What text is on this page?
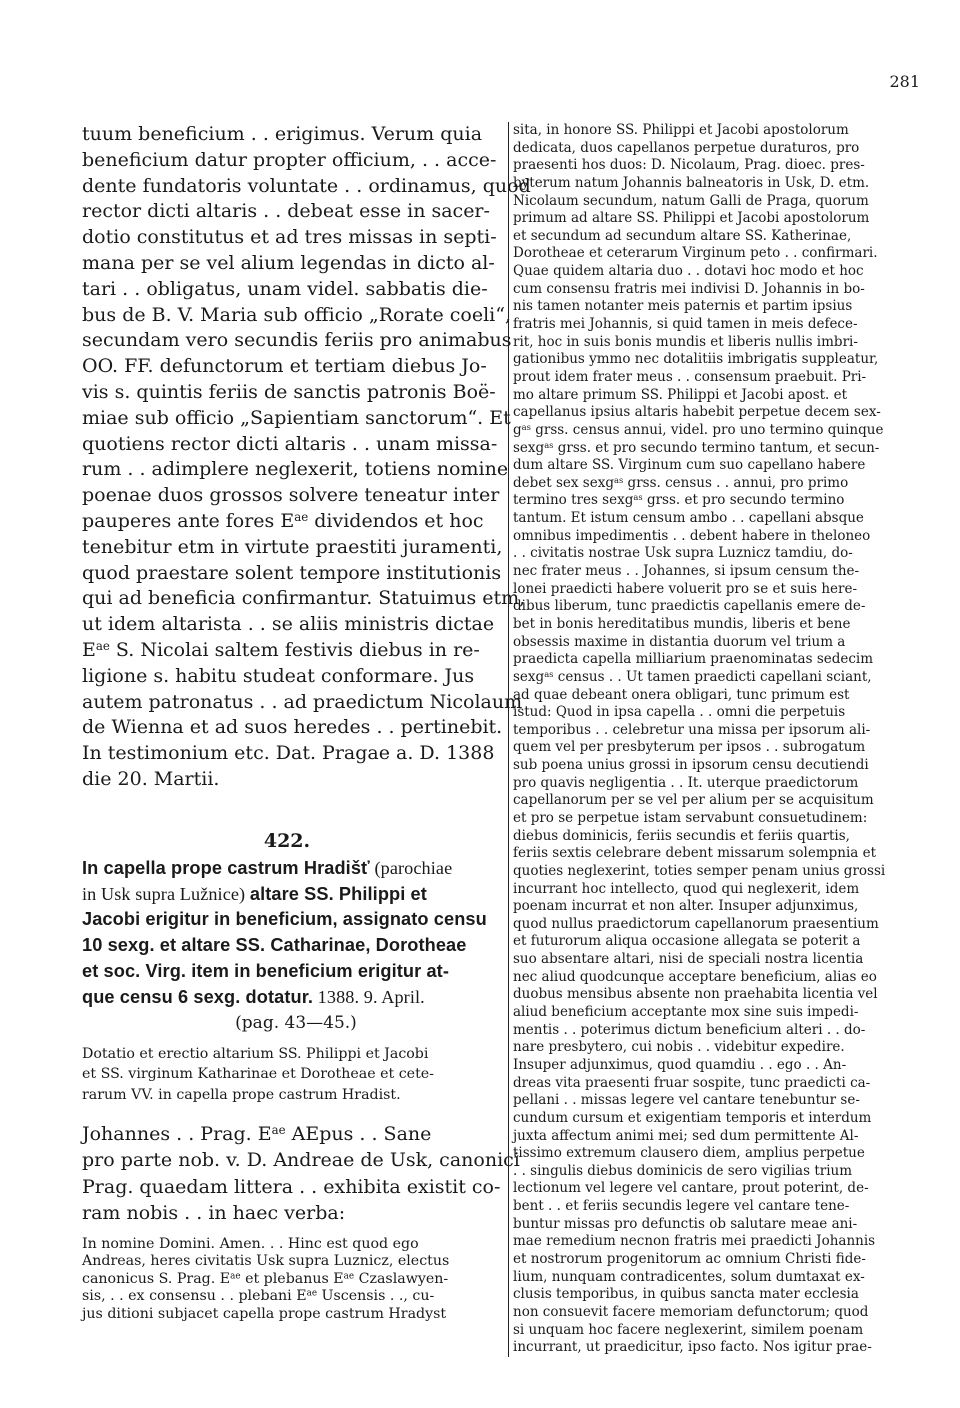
281
tuum beneficium . . erigimus. Verum quia
beneficium datur propter officium, . . acce-
dente fundatoris voluntate . . ordinamus, quod
rector dicti altaris . . debeat esse in sacer-
dotio constitutus et ad tres missas in septi-
mana per se vel alium legendas in dicto al-
tari . . obligatus, unam videl. sabbatis die-
bus de B. V. Maria sub officio „Rorate coeli“,
secundam vero secundis feriis pro animabus
OO. FF. defunctorum et tertiam diebus Jo-
vis s. quintis feriis de sanctis patronis Boë-
miae sub officio „Sapientiam sanctorum“. Et
quotiens rector dicti altaris . . unam missa-
rum . . adimplere neglexerit, totiens nomine
poenae duos grossos solvere teneatur inter
pauperes ante fores $E^{ae}$ dividendos et hoc
tenebitur etm in virtute praestiti juramenti,
quod praestare solent tempore institutionis
qui ad beneficia confirmantur. Statuimus etm,
ut idem altarista . . se aliis ministris dictae
$E^{ae}$ S. Nicolai saltem festivis diebus in re-
ligione s. habitu studeat conformare. Jus
autem patronatus . . ad praedictum Nicolaum
de Wienna et ad suos heredes . . pertinebit.
In testimonium etc. Dat. Pragae a. D. 1388
die 20. Martii.
422.
In capella prope castrum Hradišť (parochiae
in Usk supra Lužnice) altare SS. Philippi et
Jacobi erigitur in beneficium, assignato censu
10 sexg. et altare SS. Catharinae, Dorotheae
et soc. Virg. item in beneficium erigitur at-
que censu 6 sexg. dotatur. 1388. 9. April.
(pag. 43—45.)
Dotatio et erectio altarium SS. Philippi et Jacobi
et SS. virginum Katharinae et Dorotheae et cete-
rarum VV. in capella prope castrum Hradist.
Johannes . . Prag. $E^{ae}$ AEpus . . Sane
pro parte nob. v. D. Andreae de Usk, canonici
Prag. quaedam littera . . exhibita existit co-
ram nobis . . in haec verba:
In nomine Domini. Amen. . . Hinc est quod ego
Andreas, heres civitatis Usk supra Luznicz, electus
canonicus S. Prag. $E^{ae}$ et plebanus $E^{ae}$ Czaslawyen-
sis, . . ex consensu . . plebani $E^{ae}$ Uscensis . ., cu-
jus ditioni subjacet capella prope castrum Hradyst
sita, in honore SS. Philippi et Jacobi apostolorum
dedicata, duos capellanos perpetue duraturos, pro
praesenti hos duos: D. Nicolaum, Prag. dioec. pres-
byterum natum Johannis balneatoris in Usk, D. etm.
Nicolaum secundum, natum Galli de Praga, quorum
primum ad altare SS. Philippi et Jacobi apostolorum
et secundum ad secundum altare SS. Katherinae,
Dorotheae et ceterarum Virginum peto . . confirmari.
Quae quidem altaria duo . . dotavi hoc modo et hoc
cum consensu fratris mei indivisi D. Johannis in bo-
nis tamen notanter meis paternis et partim ipsius
fratris mei Johannis, si quid tamen in meis defece-
rit, hoc in suis bonis mundis et liberis nullis imbri-
gationibus ymmo nec dotalitiis imbrigatis suppleatur,
prout idem frater meus . . consensum praebuit. Pri-
mo altare primum SS. Philippi et Jacobi apost. et
capellanus ipsius altaris habebit perpetue decem sex-
$g^{as}$ grss. census annui, videl. pro uno termino quinque
sexg$^{as}$ grss. et pro secundo termino tantum, et secun-
dum altare SS. Virginum cum suo capellano habere
debet sex sexg$^{as}$ grss. census . . annui, pro primo
termino tres sexg$^{as}$ grss. et pro secundo termino
tantum. Et istum censum ambo . . capellani absque
omnibus impedimentis . . debent habere in theloneo
. . civitatis nostrae Usk supra Luznicz tamdiu, do-
nec frater meus . . Johannes, si ipsum censum the-
lonei praedicti habere voluerit pro se et suis here-
dibus liberum, tunc praedictis capellanis emere de-
bet in bonis hereditatibus mundis, liberis et bene
obsessis maxime in distantia duorum vel trium a
praedicta capella milliarium praenominatas sedecim
sexg$^{as}$ census . . Ut tamen praedicti capellani sciant,
ad quae debeant onera obligari, tunc primum est
istud: Quod in ipsa capella . . omni die perpetuis
temporibus . . celebretur una missa per ipsorum ali-
quem vel per presbyterum per ipsos . . subrogatum
sub poena unius grossi in ipsorum censu decutiendi
pro quavis negligentia . . It. uterque praedictorum
capellanorum per se vel per alium per se acquisitum
et pro se perpetue istam servabunt consuetudinem:
diebus dominicis, feriis secundis et feriis quartis,
feriis sextis celebrare debent missarum solempnia et
quoties neglexerint, toties semper penam unius grossi
incurrant hoc intellecto, quod qui neglexerit, idem
poenam incurrat et non alter. Insuper adjunximus,
quod nullus praedictorum capellanorum praesentium
et futurorum aliqua occasione allegata se poterit a
suo absentare altari, nisi de speciali nostra licentia
nec aliud quodcunque acceptare beneficium, alias eo
duobus mensibus absente non praehabita licentia vel
aliud beneficium acceptante mox sine suis impedi-
mentis . . poterimus dictum beneficium alteri . . do-
nare presbytero, cui nobis . . videbitur expedire.
Insuper adjunximus, quod quamdiu . . ego . . An-
dreas vita praesenti fruar sospite, tunc praedicti ca-
pellani . . missas legere vel cantare tenebuntur se-
cundum cursum et exigentiam temporis et interdum
juxta affectum animi mei; sed dum permittente Al-
tissimo extremum clausero diem, amplius perpetue
. . singulis diebus dominicis de sero vigilias trium
lectionum vel legere vel cantare, prout poterint, de-
bent . . et feriis secundis legere vel cantare tene-
buntur missas pro defunctis ob salutare meae ani-
mae remedium necnon fratris mei praedicti Johannis
et nostrorum progenitorum ac omnium Christi fide-
lium, nunquam contradicentes, solum dumtaxat ex-
clusis temporibus, in quibus sancta mater ecclesia
non consuevit facere memoriam defunctorum; quod
si unquam hoc facere neglexerint, similem poenam
incurrant, ut praedicitur, ipso facto. Nos igitur prae-
